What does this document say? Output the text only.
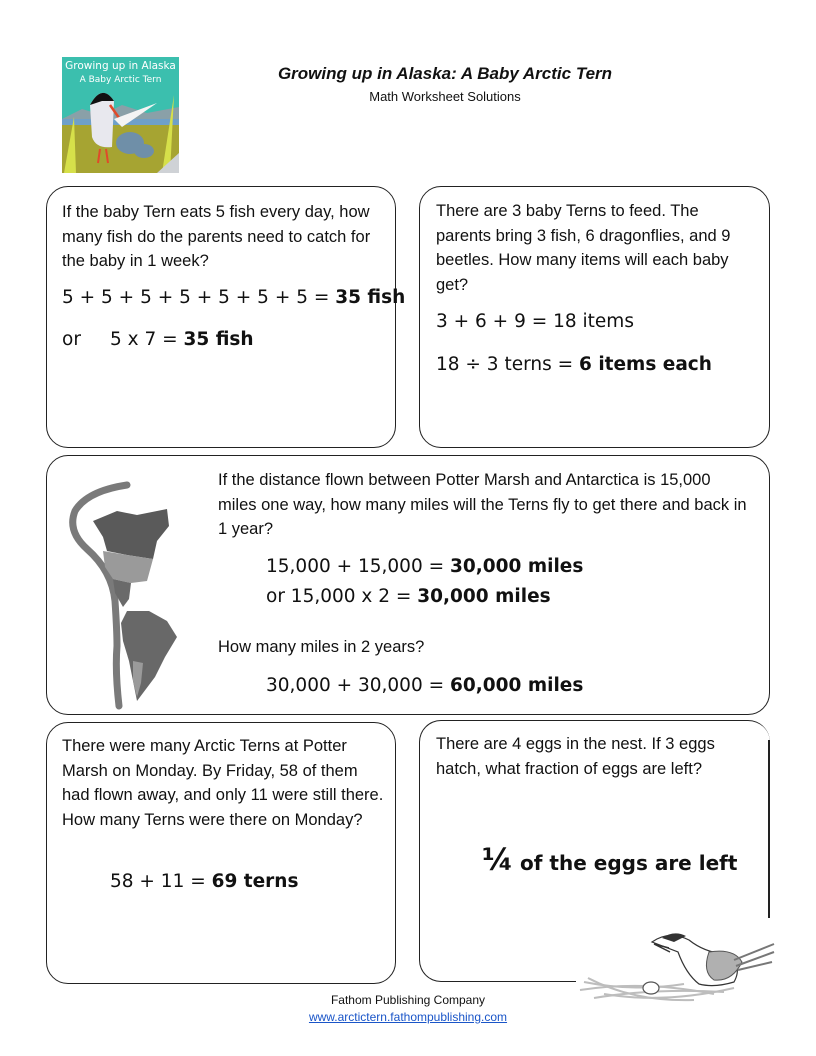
Growing up in Alaska
A Baby Arctic Tern	Growing up in Alaska: A Baby Arctic Tern
Math Worksheet Solutions
If the baby Tern eats 5 fish every day, how many fish do the parents need to catch for the baby in 1 week?
5 + 5 + 5 + 5 + 5 + 5 + 5 = 35 fish
or 5 x 7 = 35 fish
There are 3 baby Terns to feed. The parents bring 3 fish, 6 dragonflies, and 9 beetles. How many items will each baby get?
3 + 6 + 9 = 18 items
18 ÷ 3 terns = 6 items each
If the distance flown between Potter Marsh and Antarctica is 15,000 miles one way, how many miles will the Terns fly to get there and back in 1 year?
15,000 + 15,000 = 30,000 miles
or 15,000 x 2 = 30,000 miles
How many miles in 2 years?
30,000 + 30,000 = 60,000 miles
There were many Arctic Terns at Potter Marsh on Monday. By Friday, 58 of them had flown away, and only 11 were still there. How many Terns were there on Monday?
58 + 11 = 69 terns
There are 4 eggs in the nest. If 3 eggs hatch, what fraction of eggs are left?
¼ of the eggs are left
Fathom Publishing Company
www.arctictern.fathompublishing.com
